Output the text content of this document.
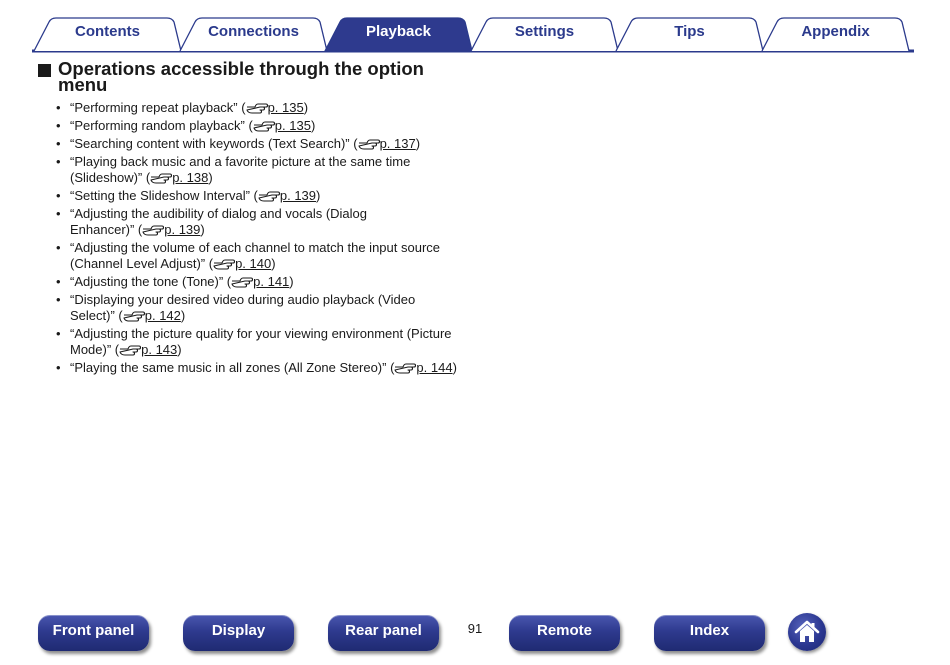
Contents	Connections	Playback	Settings	Tips	Appendix
Operations accessible through the option
menu
• “Performing repeat playback” ( p. 135)
• “Performing random playback” ( p. 135)
• “Searching content with keywords (Text Search)” ( p. 137)
• “Playing back music and a favorite picture at the same time
(Slideshow)” ( p. 138)
• “Setting the Slideshow Interval” ( p. 139)
• “Adjusting the audibility of dialog and vocals (Dialog
Enhancer)” ( p. 139)
• “Adjusting the volume of each channel to match the input source
(Channel Level Adjust)” ( p. 140)
• “Adjusting the tone (Tone)” ( p. 141)
• “Displaying your desired video during audio playback (Video
Select)” ( p. 142)
• “Adjusting the picture quality for your viewing environment (Picture
Mode)” ( p. 143)
• “Playing the same music in all zones (All Zone Stereo)” ( p. 144)
Front panel	Display	Rear panel	91	Remote	Index
